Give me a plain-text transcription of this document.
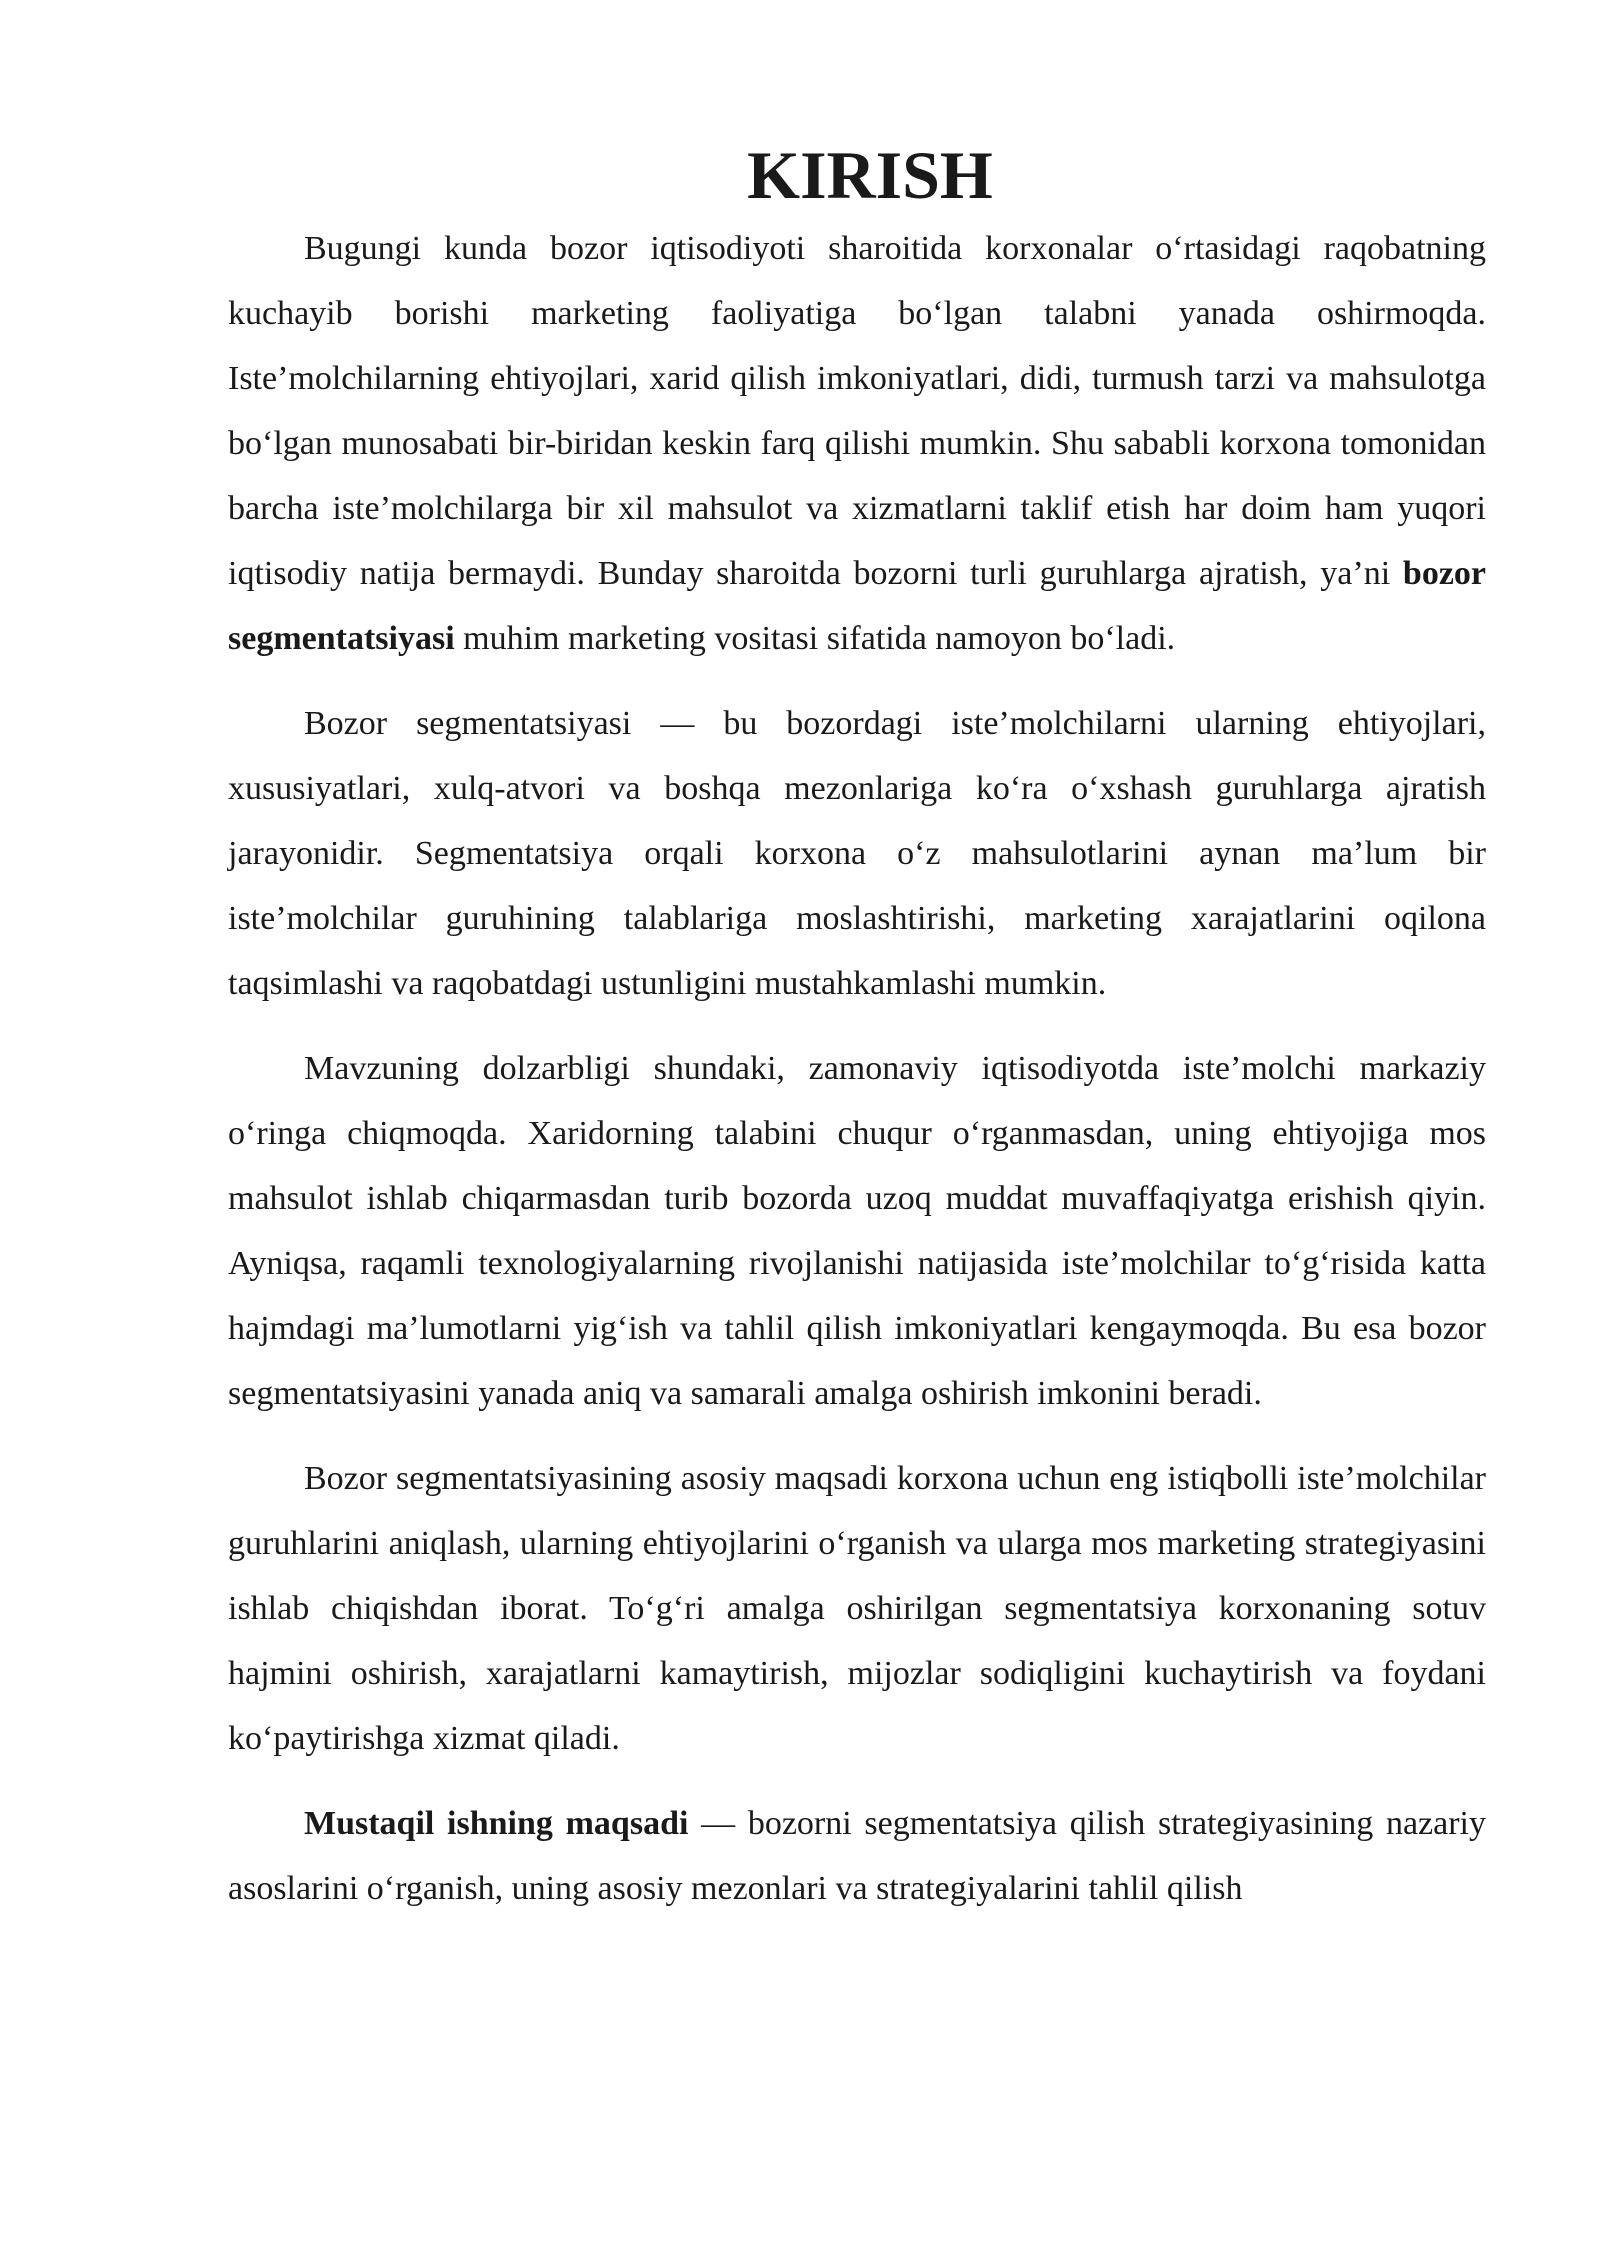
KIRISH

Bugungi kunda bozor iqtisodiyoti sharoitida korxonalar o‘rtasidagi raqobatning kuchayib borishi marketing faoliyatiga bo‘lgan talabni yanada oshirmoqda. Iste’molchilarning ehtiyojlari, xarid qilish imkoniyatlari, didi, turmush tarzi va mahsulotga bo‘lgan munosabati bir-biridan keskin farq qilishi mumkin. Shu sababli korxona tomonidan barcha iste’molchilarga bir xil mahsulot va xizmatlarni taklif etish har doim ham yuqori iqtisodiy natija bermaydi. Bunday sharoitda bozorni turli guruhlarga ajratish, ya’ni bozor segmentatsiyasi muhim marketing vositasi sifatida namoyon bo‘ladi.

Bozor segmentatsiyasi — bu bozordagi iste’molchilarni ularning ehtiyojlari, xususiyatlari, xulq-atvori va boshqa mezonlariga ko‘ra o‘xshash guruhlarga ajratish jarayonidir. Segmentatsiya orqali korxona o‘z mahsulotlarini aynan ma’lum bir iste’molchilar guruhining talablariga moslashtirishi, marketing xarajatlarini oqilona taqsimlashi va raqobatdagi ustunligini mustahkamlashi mumkin.

Mavzuning dolzarbligi shundaki, zamonaviy iqtisodiyotda iste’molchi markaziy o‘ringa chiqmoqda. Xaridorning talabini chuqur o‘rganmasdan, uning ehtiyojiga mos mahsulot ishlab chiqarmasdan turib bozorda uzoq muddat muvaffaqiyatga erishish qiyin. Ayniqsa, raqamli texnologiyalarning rivojlanishi natijasida iste’molchilar to‘g‘risida katta hajmdagi ma’lumotlarni yig‘ish va tahlil qilish imkoniyatlari kengaymoqda. Bu esa bozor segmentatsiyasini yanada aniq va samarali amalga oshirish imkonini beradi.

Bozor segmentatsiyasining asosiy maqsadi korxona uchun eng istiqbolli iste’molchilar guruhlarini aniqlash, ularning ehtiyojlarini o‘rganish va ularga mos marketing strategiyasini ishlab chiqishdan iborat. To‘g‘ri amalga oshirilgan segmentatsiya korxonaning sotuv hajmini oshirish, xarajatlarni kamaytirish, mijozlar sodiqligini kuchaytirish va foydani ko‘paytirishga xizmat qiladi.

Mustaqil ishning maqsadi — bozorni segmentatsiya qilish strategiyasining nazariy asoslarini o‘rganish, uning asosiy mezonlari va strategiyalarini tahlil qilish
